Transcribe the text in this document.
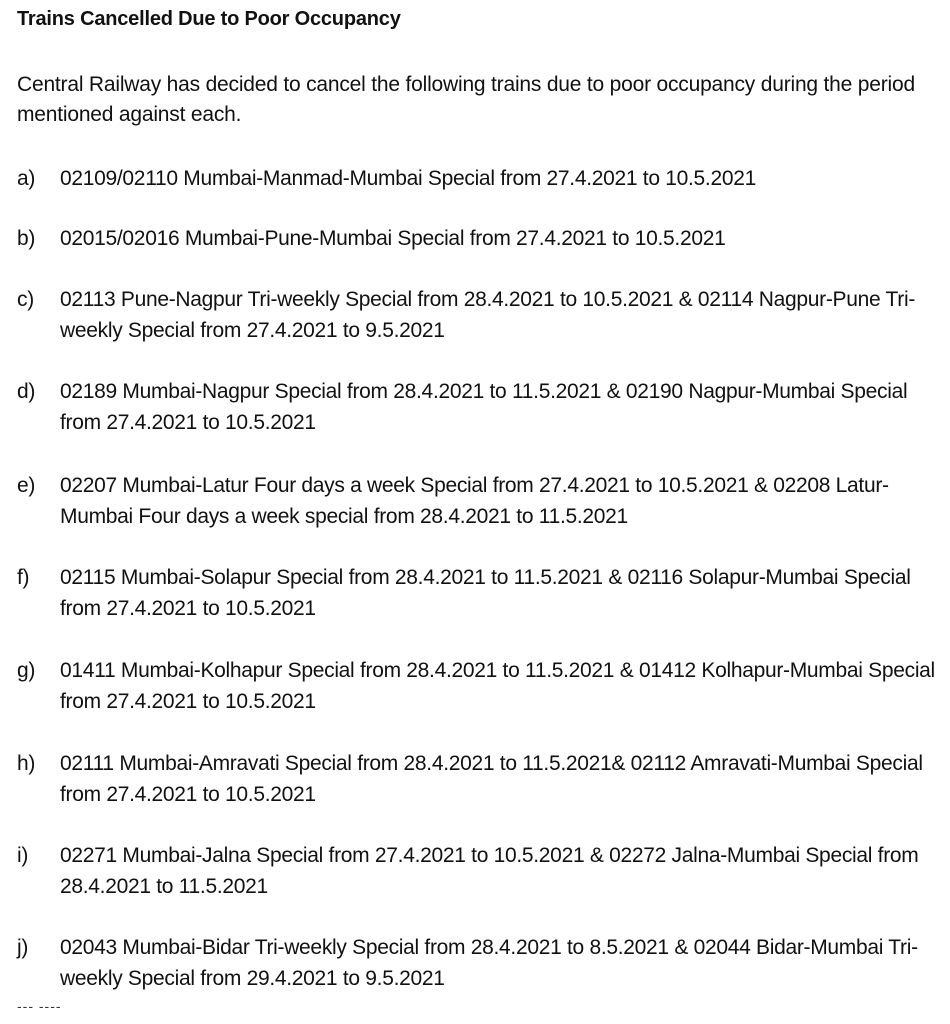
Trains Cancelled Due to Poor Occupancy
Central Railway has decided to cancel the following trains due to poor occupancy during the period mentioned against each.
a) 02109/02110 Mumbai-Manmad-Mumbai Special from 27.4.2021 to 10.5.2021
b) 02015/02016 Mumbai-Pune-Mumbai Special from 27.4.2021 to 10.5.2021
c) 02113 Pune-Nagpur Tri-weekly Special from 28.4.2021 to 10.5.2021 & 02114 Nagpur-Pune Tri-weekly Special from 27.4.2021 to 9.5.2021
d) 02189 Mumbai-Nagpur Special from 28.4.2021 to 11.5.2021 & 02190 Nagpur-Mumbai Special from 27.4.2021 to 10.5.2021
e) 02207 Mumbai-Latur Four days a week Special from 27.4.2021 to 10.5.2021 & 02208 Latur-Mumbai Four days a week special from 28.4.2021 to 11.5.2021
f) 02115 Mumbai-Solapur Special from 28.4.2021 to 11.5.2021 & 02116 Solapur-Mumbai Special from 27.4.2021 to 10.5.2021
g) 01411 Mumbai-Kolhapur Special from 28.4.2021 to 11.5.2021 & 01412 Kolhapur-Mumbai Special from 27.4.2021 to 10.5.2021
h) 02111 Mumbai-Amravati Special from 28.4.2021 to 11.5.2021& 02112 Amravati-Mumbai Special from 27.4.2021 to 10.5.2021
i) 02271 Mumbai-Jalna Special from 27.4.2021 to 10.5.2021 & 02272 Jalna-Mumbai Special from 28.4.2021 to 11.5.2021
j) 02043 Mumbai-Bidar Tri-weekly Special from 28.4.2021 to 8.5.2021 & 02044 Bidar-Mumbai Tri-weekly Special from 29.4.2021 to 9.5.2021
--- ----
